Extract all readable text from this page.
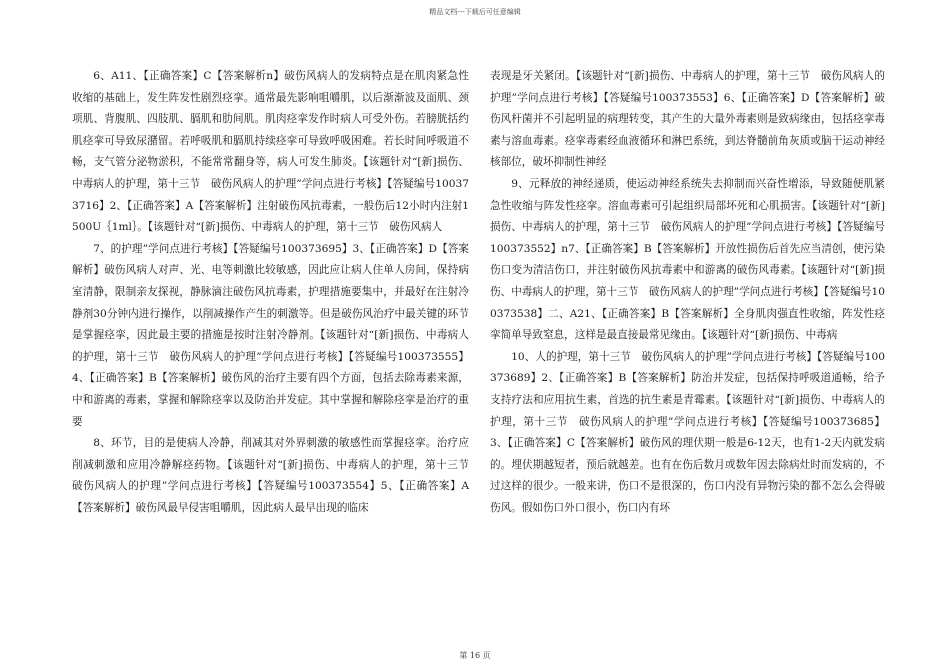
精品文档---下载后可任意编辑

6、A11、【正确答案】C【答案解析n】破伤风病人的发病特点是在肌肉紧急性收缩的基础上，发生阵发性剧烈痉挛。通常最先影响咀嚼肌，以后渐渐波及面肌、颈项肌、背腹肌、四肢肌、膈肌和肋间肌。肌肉痉挛发作时病人可受外伤。若膀胱括约肌痉挛可导致尿潴留。若呼吸肌和膈肌持续痉挛可导致呼吸困难。若长时间呼吸道不畅，支气管分泌物淤积，不能常常翻身等，病人可发生肺炎。【该题针对“[新]损伤、中毒病人的护理，第十三节　破伤风病人的护理”学问点进行考核】【答疑编号100373716】2、【正确答案】A【答案解析】注射破伤风抗毒素，一般伤后12小时内注射1500U｛1ml｝。【该题针对“[新]损伤、中毒病人的护理，第十三节　破伤风病人

7、的护理”学问点进行考核】【答疑编号100373695】3、【正确答案】D【答案解析】破伤风病人对声、光、电等刺激比较敏感，因此应让病人住单人房间，保持病室清静，限制亲友探视，静脉滴注破伤风抗毒素，护理措施要集中，并最好在注射冷静剂30分钟内进行操作，以削减操作产生的刺激等。但是破伤风治疗中最关键的环节是掌握痉挛，因此最主要的措施是按时注射冷静剂。【该题针对“[新]损伤、中毒病人的护理，第十三节　破伤风病人的护理”学问点进行考核】【答疑编号100373555】4、【正确答案】B【答案解析】破伤风的治疗主要有四个方面，包括去除毒素来源，中和游离的毒素，掌握和解除痉挛以及防治并发症。其中掌握和解除痉挛是治疗的重要

8、环节，目的是使病人冷静，削减其对外界刺激的敏感性而掌握痉挛。治疗应削减刺激和应用冷静解痉药物。【该题针对“[新]损伤、中毒病人的护理，第十三节　破伤风病人的护理”学问点进行考核】【答疑编号100373554】5、【正确答案】A【答案解析】破伤风最早侵害咀嚼肌，因此病人最早出现的临床

表现是牙关紧闭。【该题针对“[新]损伤、中毒病人的护理，第十三节　破伤风病人的护理”学问点进行考核】【答疑编号100373553】6、【正确答案】D【答案解析】破伤风杆菌并不引起明显的病理转变，其产生的大量外毒素则是致病缘由，包括痉挛毒素与溶血毒素。痉挛毒素经血液循环和淋巴系统，到达脊髓前角灰质或脑干运动神经核部位，破坏抑制性神经

9、元释放的神经递质，使运动神经系统失去抑制而兴奋性增添，导致随便肌紧急性收缩与阵发性痉挛。溶血毒素可引起组织局部坏死和心肌损害。【该题针对“[新]损伤、中毒病人的护理，第十三节　破伤风病人的护理”学问点进行考核】【答疑编号100373552】n7、【正确答案】B【答案解析】开放性损伤后首先应当清创，使污染伤口变为清洁伤口，并注射破伤风抗毒素中和游离的破伤风毒素。【该题针对“[新]损伤、中毒病人的护理，第十三节　破伤风病人的护理”学问点进行考核】【答疑编号100373538】二、A21、【正确答案】B【答案解析】全身肌肉强直性收缩，阵发性痉挛简单导致窒息，这样是最直接最常见缘由。【该题针对“[新]损伤、中毒病

10、人的护理，第十三节　破伤风病人的护理”学问点进行考核】【答疑编号100373689】2、【正确答案】B【答案解析】防治并发症，包括保持呼吸道通畅，给予支持疗法和应用抗生素，首选的抗生素是青霉素。【该题针对“[新]损伤、中毒病人的护理，第十三节　破伤风病人的护理”学问点进行考核】【答疑编号100373685】3、【正确答案】C【答案解析】破伤风的理伏期一般是6-12天，也有1-2天内就发病的。埋伏期越短者，预后就越差。也有在伤后数月或数年因去除病灶时而发病的，不过这样的很少。一般来讲，伤口不是很深的，伤口内没有异物污染的都不怎么会得破伤风。假如伤口外口很小，伤口内有坏

第 16 页
